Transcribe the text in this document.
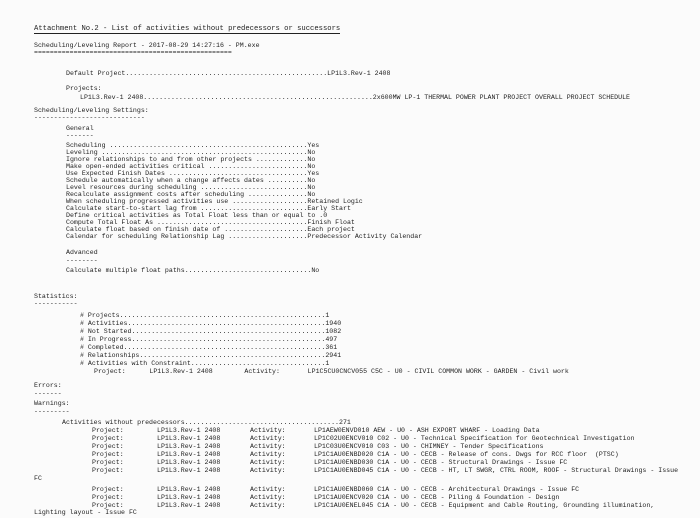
Attachment No.2 - List of activities without predecessors or successors
Scheduling/Leveling Report - 2017-08-29 14:27:16 - PM.exe
==================================================
Default Project...................................................LP1L3.Rev-1 2408
Projects:
LP1L3.Rev-1 2408..........................................................2x600MW LP-1 THERMAL POWER PLANT PROJECT OVERALL PROJECT SCHEDULE
Scheduling/Leveling Settings:
----------------------------
General
-------
Scheduling ..................................................Yes
Leveling ....................................................No
Ignore relationships to and from other projects .............No
Make open-ended activities critical .........................No
Use Expected Finish Dates ...................................Yes
Schedule automatically when a change affects dates ..........No
Level resources during scheduling ...........................No
Recalculate assignment costs after scheduling ...............No
When scheduling progressed activities use ...................Retained Logic
Calculate start-to-start lag from ...........................Early Start
Define critical activities as Total Float less than or equal to .0
Compute Total Float As ......................................Finish Float
Calculate float based on finish date of .....................Each project
Calendar for scheduling Relationship Lag ....................Predecessor Activity Calendar
Advanced
--------
Calculate multiple float paths................................No
Statistics:
-----------
# Projects....................................................1
# Activities..................................................1940
# Not Started.................................................1082
# In Progress.................................................497
# Completed...................................................361
# Relationships...............................................2941
# Activities with Constraint..................................1
Project:      LP1L3.Rev-1 2408        Activity:       LP1C5CU0CNCV055 C5C - U0 - CIVIL COMMON WORK - GARDEN - Civil work
Errors:
-------
Warnings:
---------
Activities without predecessors.......................................271
Project:	LP1L3.Rev-1 2408	Activity:	LP1AEW0ENVD010 AEW - U0 - ASH EXPORT WHARF - Loading Data
Project:	LP1L3.Rev-1 2408	Activity:	LP1C02U0ENCV010 C02 - U0 - Technical Specification for Geotechnical Investigation
Project:	LP1L3.Rev-1 2408	Activity:	LP1C03U0ENCV010 C03 - U0 - CHIMNEY - Tender Specifications
Project:	LP1L3.Rev-1 2408	Activity:	LP1C1AU0ENBD020 C1A - U0 - CECB - Release of cons. Dwgs for RCC floor  (PTSC)
Project:	LP1L3.Rev-1 2408	Activity:	LP1C1AU0ENBD030 C1A - U0 - CECB - Structural Drawings - Issue FC
Project:	LP1L3.Rev-1 2408	Activity:	LP1C1AU0ENBD045 C1A - U0 - CECB - HT, LT SWGR, CTRL ROOM, ROOF - Structural Drawings - Issue
FC
Project:	LP1L3.Rev-1 2408	Activity:	LP1C1AU0ENBD060 C1A - U0 - CECB - Architectural Drawings - Issue FC
Project:	LP1L3.Rev-1 2408	Activity:	LP1C1AU0ENCV020 C1A - U0 - CECB - Piling & Foundation - Design
Project:	LP1L3.Rev-1 2408	Activity:	LP1C1AU0ENEL045 C1A - U0 - CECB - Equipment and Cable Routing, Grounding illumination,
Lighting layout - Issue FC
